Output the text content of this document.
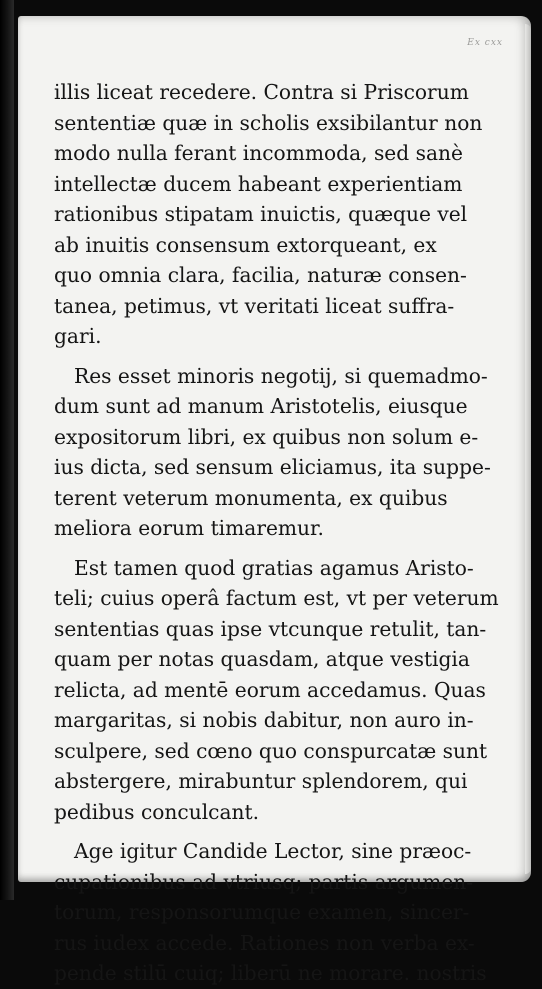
Ex cxx
illis liceat recedere. Contra si Priscorum
sententiæ quæ in scholis exsibilantur non
modo nulla ferant incommoda, sed sanè
intellectæ ducem habeant experientiam
rationibus stipatam inuictis, quæque vel
ab inuitis consensum extorqueant, ex
quo omnia clara, facilia, naturæ consen-
tanea, petimus, vt veritati liceat suffra-
gari.
Res esset minoris negotij, si quemadmo-
dum sunt ad manum Aristotelis, eiusque
expositorum libri, ex quibus non solum e-
ius dicta, sed sensum eliciamus, ita suppe-
terent veterum monumenta, ex quibus
meliora eorum timaremur.
Est tamen quod gratias agamus Aristo-
teli; cuius operâ factum est, vt per veterum
sententias quas ipse vtcunque retulit, tan-
quam per notas quasdam, atque vestigia
relicta, ad mentē eorum accedamus. Quas
margaritas, si nobis dabitur, non auro in-
sculpere, sed cœno quo conspurcatæ sunt
abstergere, mirabuntur splendorem, qui
pedibus conculcant.
Age igitur Candide Lector, sine præoc-
cupationibus ad vtriusq; partis argumen-
torum, responsorumque examen, sincer-
rus iudex accede. Rationes non verba ex-
pende stilū cuiq; liberū ne morare. nostris
